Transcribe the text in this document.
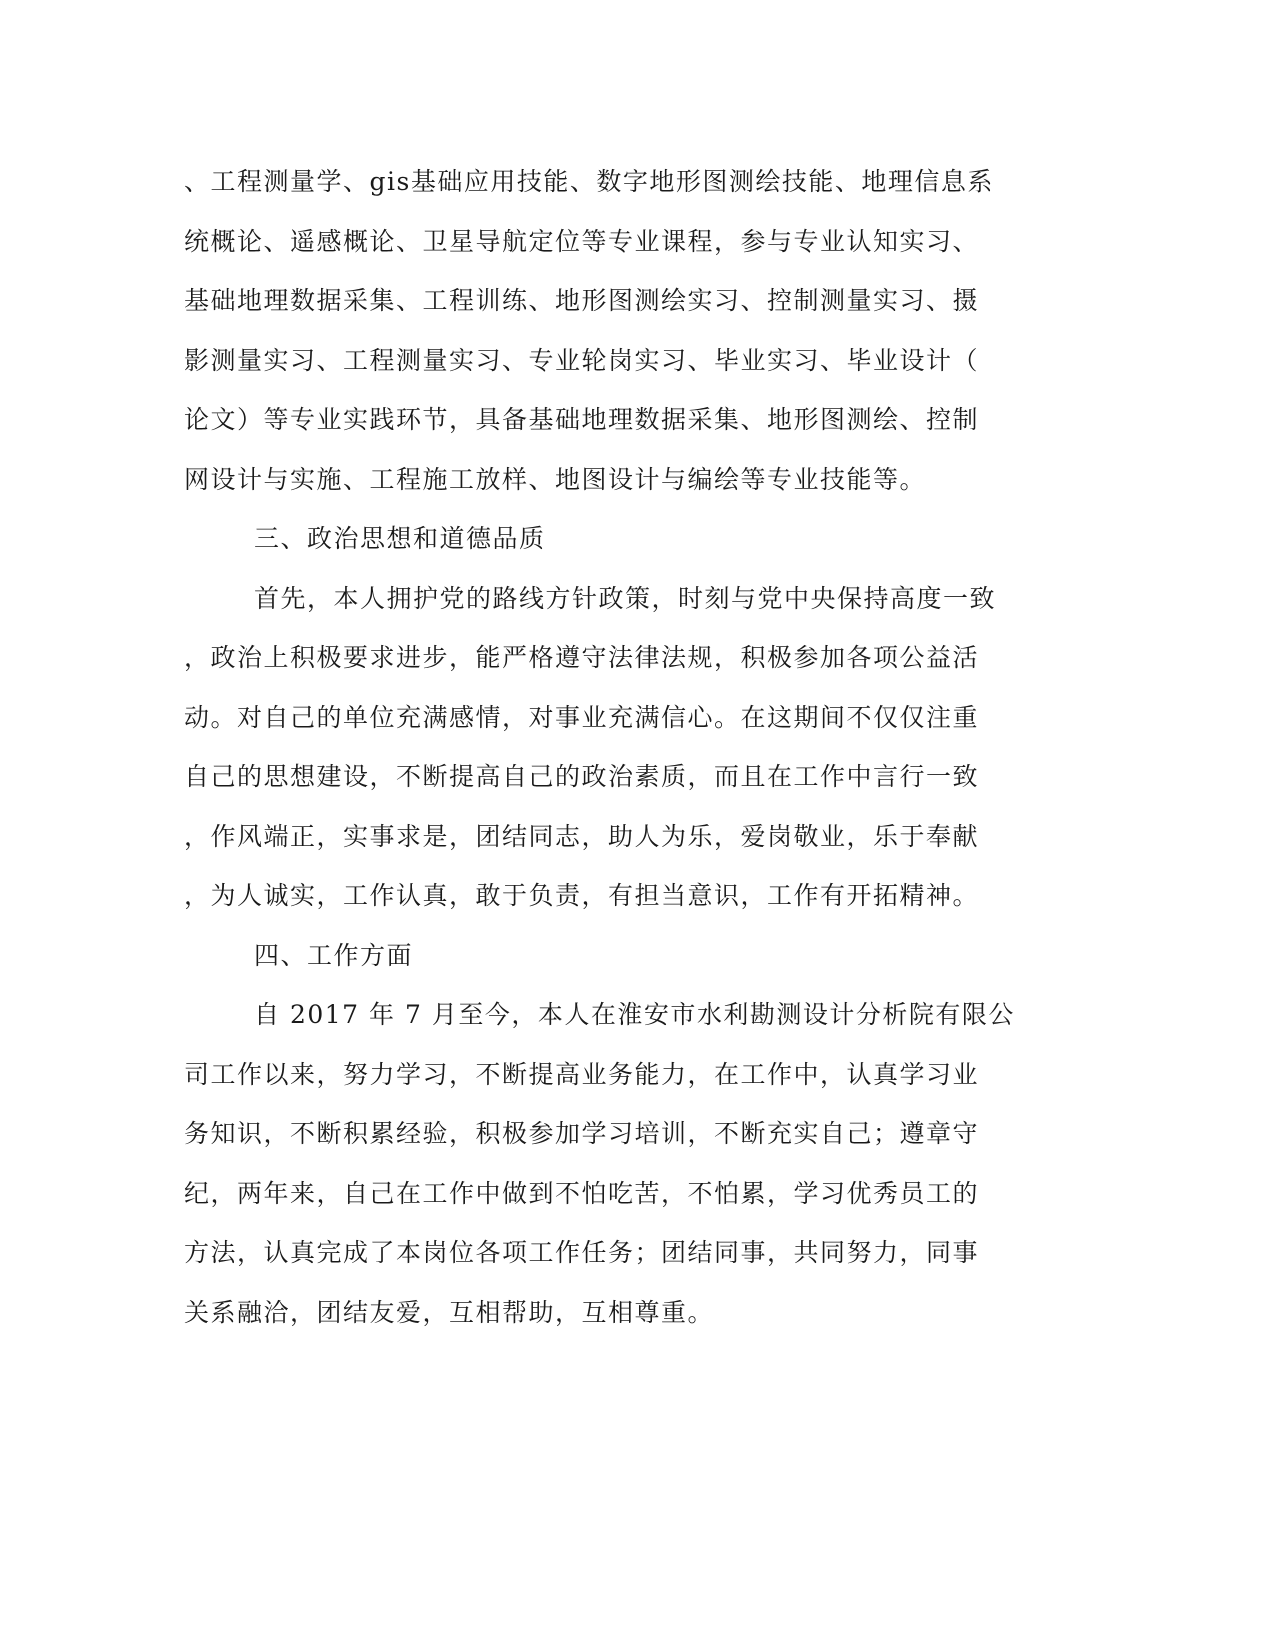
、工程测量学、gis基础应用技能、数字地形图测绘技能、地理信息系
统概论、遥感概论、卫星导航定位等专业课程，参与专业认知实习、
基础地理数据采集、工程训练、地形图测绘实习、控制测量实习、摄
影测量实习、工程测量实习、专业轮岗实习、毕业实习、毕业设计（
论文）等专业实践环节，具备基础地理数据采集、地形图测绘、控制
网设计与实施、工程施工放样、地图设计与编绘等专业技能等。
三、政治思想和道德品质
首先，本人拥护党的路线方针政策，时刻与党中央保持高度一致
，政治上积极要求进步，能严格遵守法律法规，积极参加各项公益活
动。对自己的单位充满感情，对事业充满信心。在这期间不仅仅注重
自己的思想建设，不断提高自己的政治素质，而且在工作中言行一致
，作风端正，实事求是，团结同志，助人为乐，爱岗敬业，乐于奉献
，为人诚实，工作认真，敢于负责，有担当意识，工作有开拓精神。
四、工作方面
自 2017 年 7 月至今，本人在淮安市水利勘测设计分析院有限公
司工作以来，努力学习，不断提高业务能力，在工作中，认真学习业
务知识，不断积累经验，积极参加学习培训，不断充实自己；遵章守
纪，两年来，自己在工作中做到不怕吃苦，不怕累，学习优秀员工的
方法，认真完成了本岗位各项工作任务；团结同事，共同努力，同事
关系融洽，团结友爱，互相帮助，互相尊重。
